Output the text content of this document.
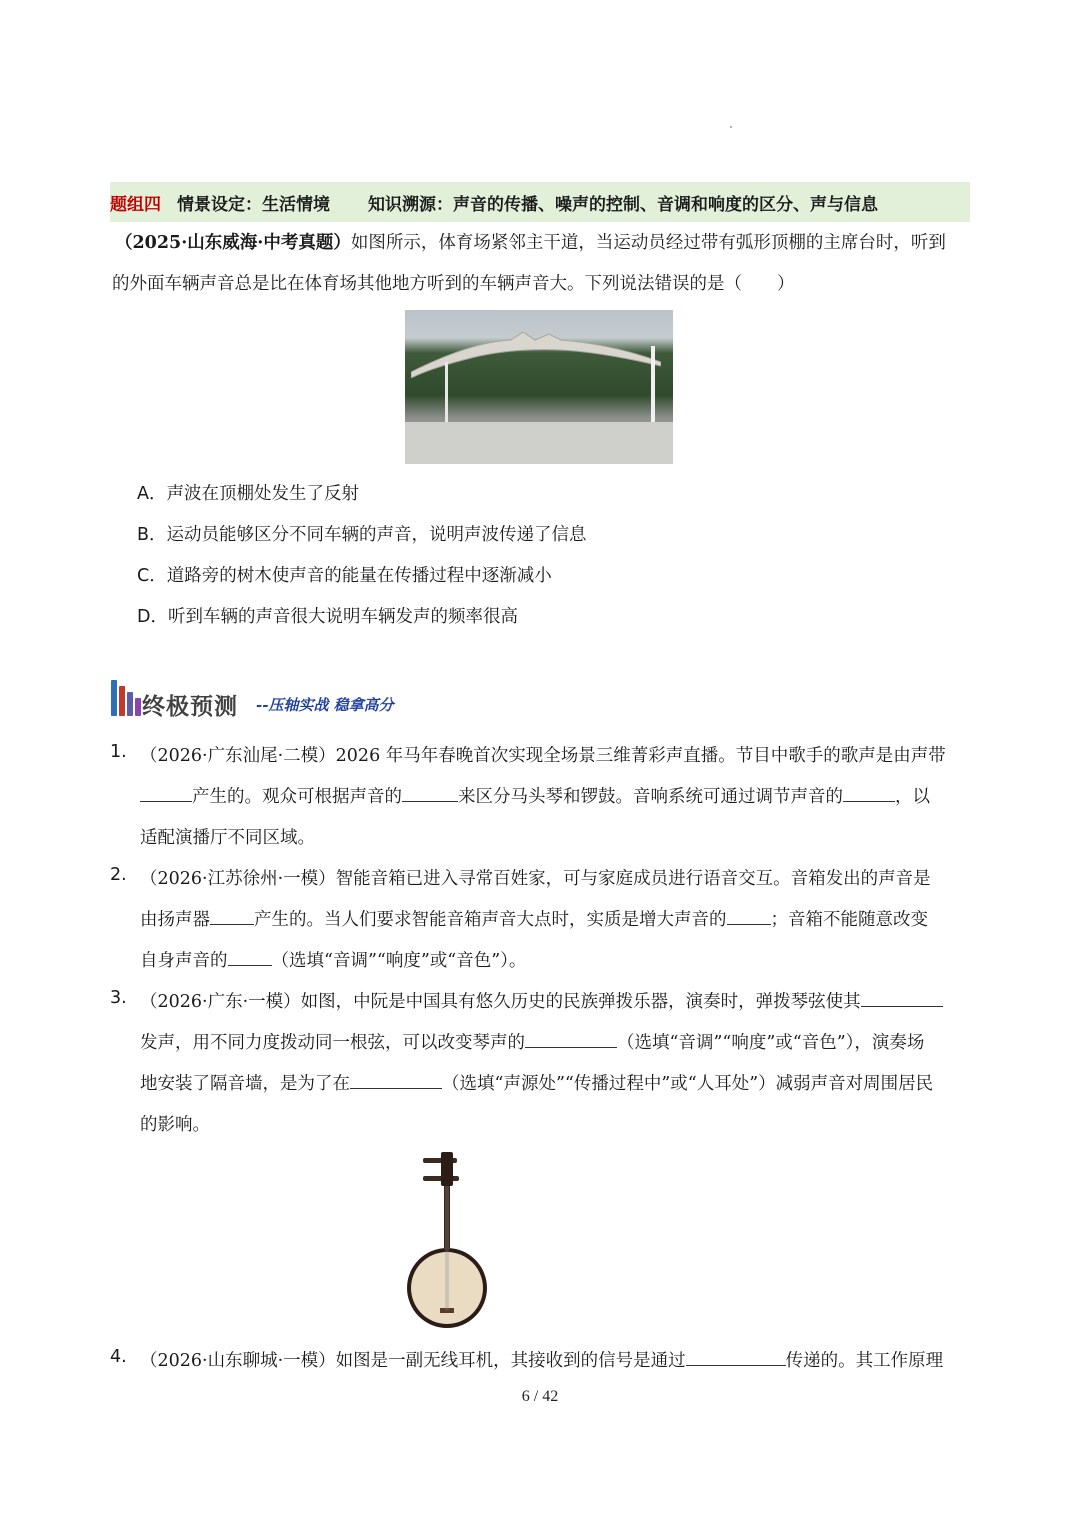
题组四 情景设定：生活情境 知识溯源：声音的传播、噪声的控制、音调和响度的区分、声与信息
（2025·山东威海·中考真题）如图所示，体育场紧邻主干道，当运动员经过带有弧形顶棚的主席台时，听到
的外面车辆声音总是比在体育场其他地方听到的车辆声音大。下列说法错误的是（　　）
A．声波在顶棚处发生了反射
B．运动员能够区分不同车辆的声音，说明声波传递了信息
C．道路旁的树木使声音的能量在传播过程中逐渐减小
D．听到车辆的声音很大说明车辆发声的频率很高
终极预测 --压轴实战 稳拿高分
1. （2026·广东汕尾·二模）2026 年马年春晚首次实现全场景三维菁彩声直播。节目中歌手的歌声是由声带
产生的。观众可根据声音的	来区分马头琴和锣鼓。音响系统可通过调节声音的	，以
适配演播厅不同区域。
2. （2026·江苏徐州·一模）智能音箱已进入寻常百姓家，可与家庭成员进行语音交互。音箱发出的声音是
由扬声器	产生的。当人们要求智能音箱声音大点时，实质是增大声音的	；音箱不能随意改变
自身声音的	（选填“音调”“响度”或“音色”）。
3. （2026·广东·一模）如图，中阮是中国具有悠久历史的民族弹拨乐器，演奏时，弹拨琴弦使其
发声，用不同力度拨动同一根弦，可以改变琴声的	（选填“音调”“响度”或“音色”），演奏场
地安装了隔音墙，是为了在	（选填“声源处”“传播过程中”或“人耳处”）减弱声音对周围居民
的影响。
4. （2026·山东聊城·一模）如图是一副无线耳机，其接收到的信号是通过	传递的。其工作原理
6 / 42
